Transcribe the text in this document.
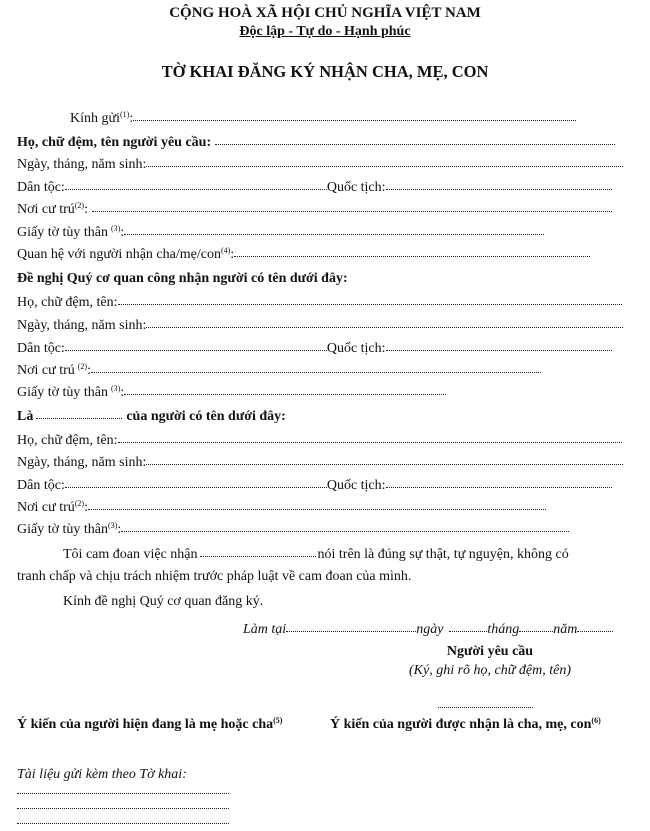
CỘNG HOÀ XÃ HỘI CHỦ NGHĨA VIỆT NAM
Độc lập - Tự do - Hạnh phúc
TỜ KHAI ĐĂNG KÝ NHẬN CHA, MẸ, CON
Kính gửi$^{(1)}$:
Họ, chữ đệm, tên người yêu cầu:
Ngày, tháng, năm sinh:
Dân tộc:	Quốc tịch:
Nơi cư trú$^{(2)}$:
Giấy tờ tùy thân $^{(3)}$:
Quan hệ với người nhận cha/mẹ/con$^{(4)}$:
Đề nghị Quý cơ quan công nhận người có tên dưới đây:
Họ, chữ đệm, tên:
Ngày, tháng, năm sinh:
Dân tộc:	Quốc tịch:
Nơi cư trú $^{(2)}$:
Giấy tờ tùy thân $^{(3)}$:
Là	của người có tên dưới đây:
Họ, chữ đệm, tên:
Ngày, tháng, năm sinh:
Dân tộc:	Quốc tịch:
Nơi cư trú$^{(2)}$:
Giấy tờ tùy thân$^{(3)}$:
Tôi cam đoan việc nhận	nói trên là đúng sự thật, tự nguyện, không có
tranh chấp và chịu trách nhiệm trước pháp luật về cam đoan của mình.
Kính đề nghị Quý cơ quan đăng ký.
Làm tại	ngày	tháng năm
Người yêu cầu
(Ký, ghi rõ họ, chữ đệm, tên)
Ý kiến của người hiện đang là mẹ hoặc cha$^{(5)}$	Ý kiến của người được nhận là cha, mẹ, con$^{(6)}$
Tài liệu gửi kèm theo Tờ khai:
